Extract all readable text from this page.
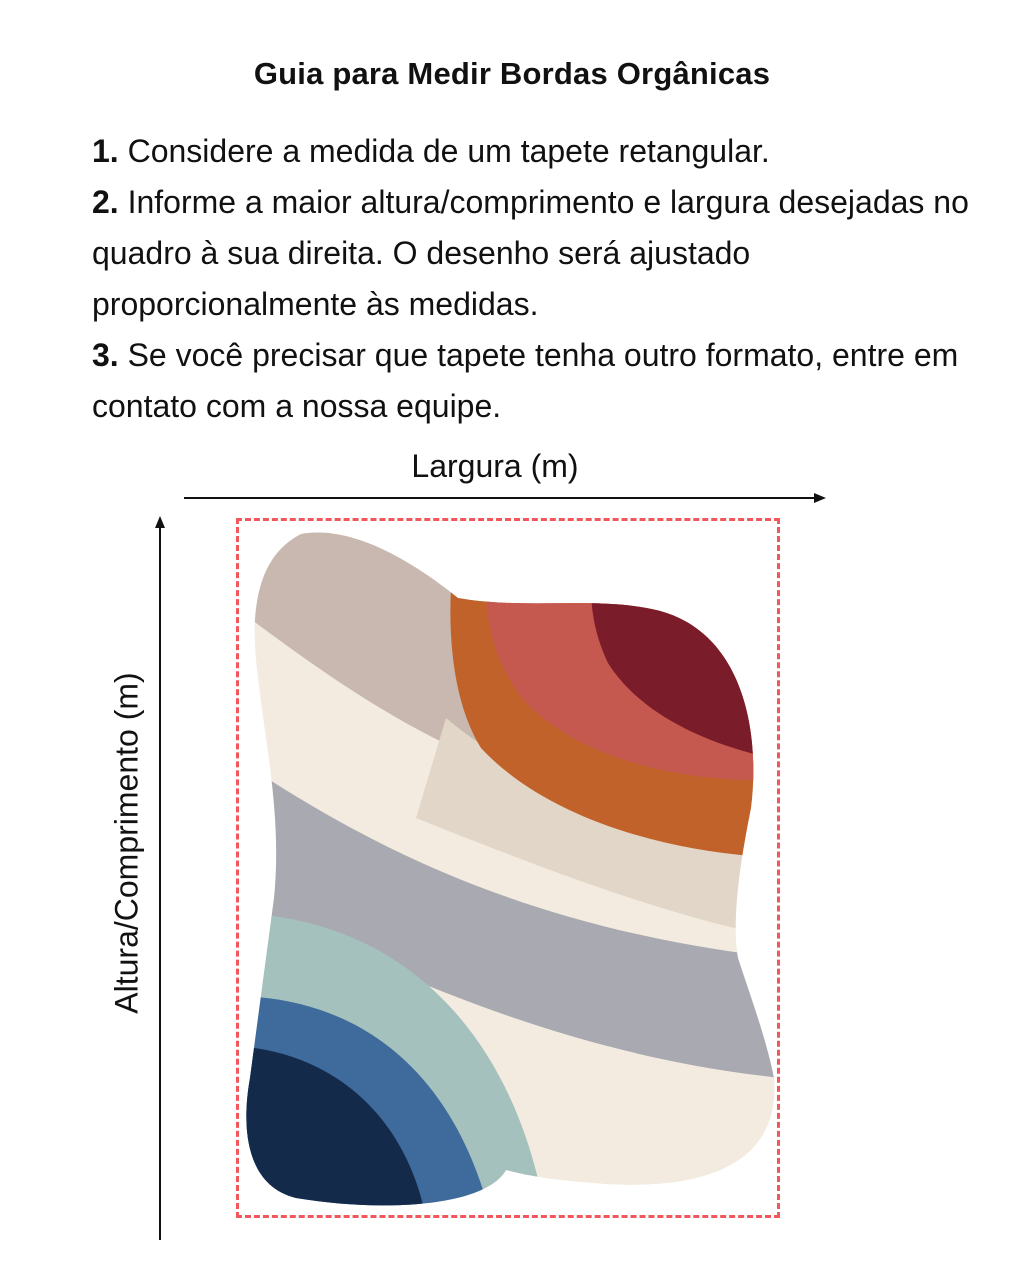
Guia para Medir Bordas Orgânicas

1. Considere a medida de um tapete retangular.

2. Informe a maior altura/comprimento e largura desejadas no quadro à sua direita. O desenho será ajustado proporcionalmente às medidas.

3. Se você precisar que tapete tenha outro formato, entre em contato com a nossa equipe.

Largura (m)
Altura/Comprimento (m)
